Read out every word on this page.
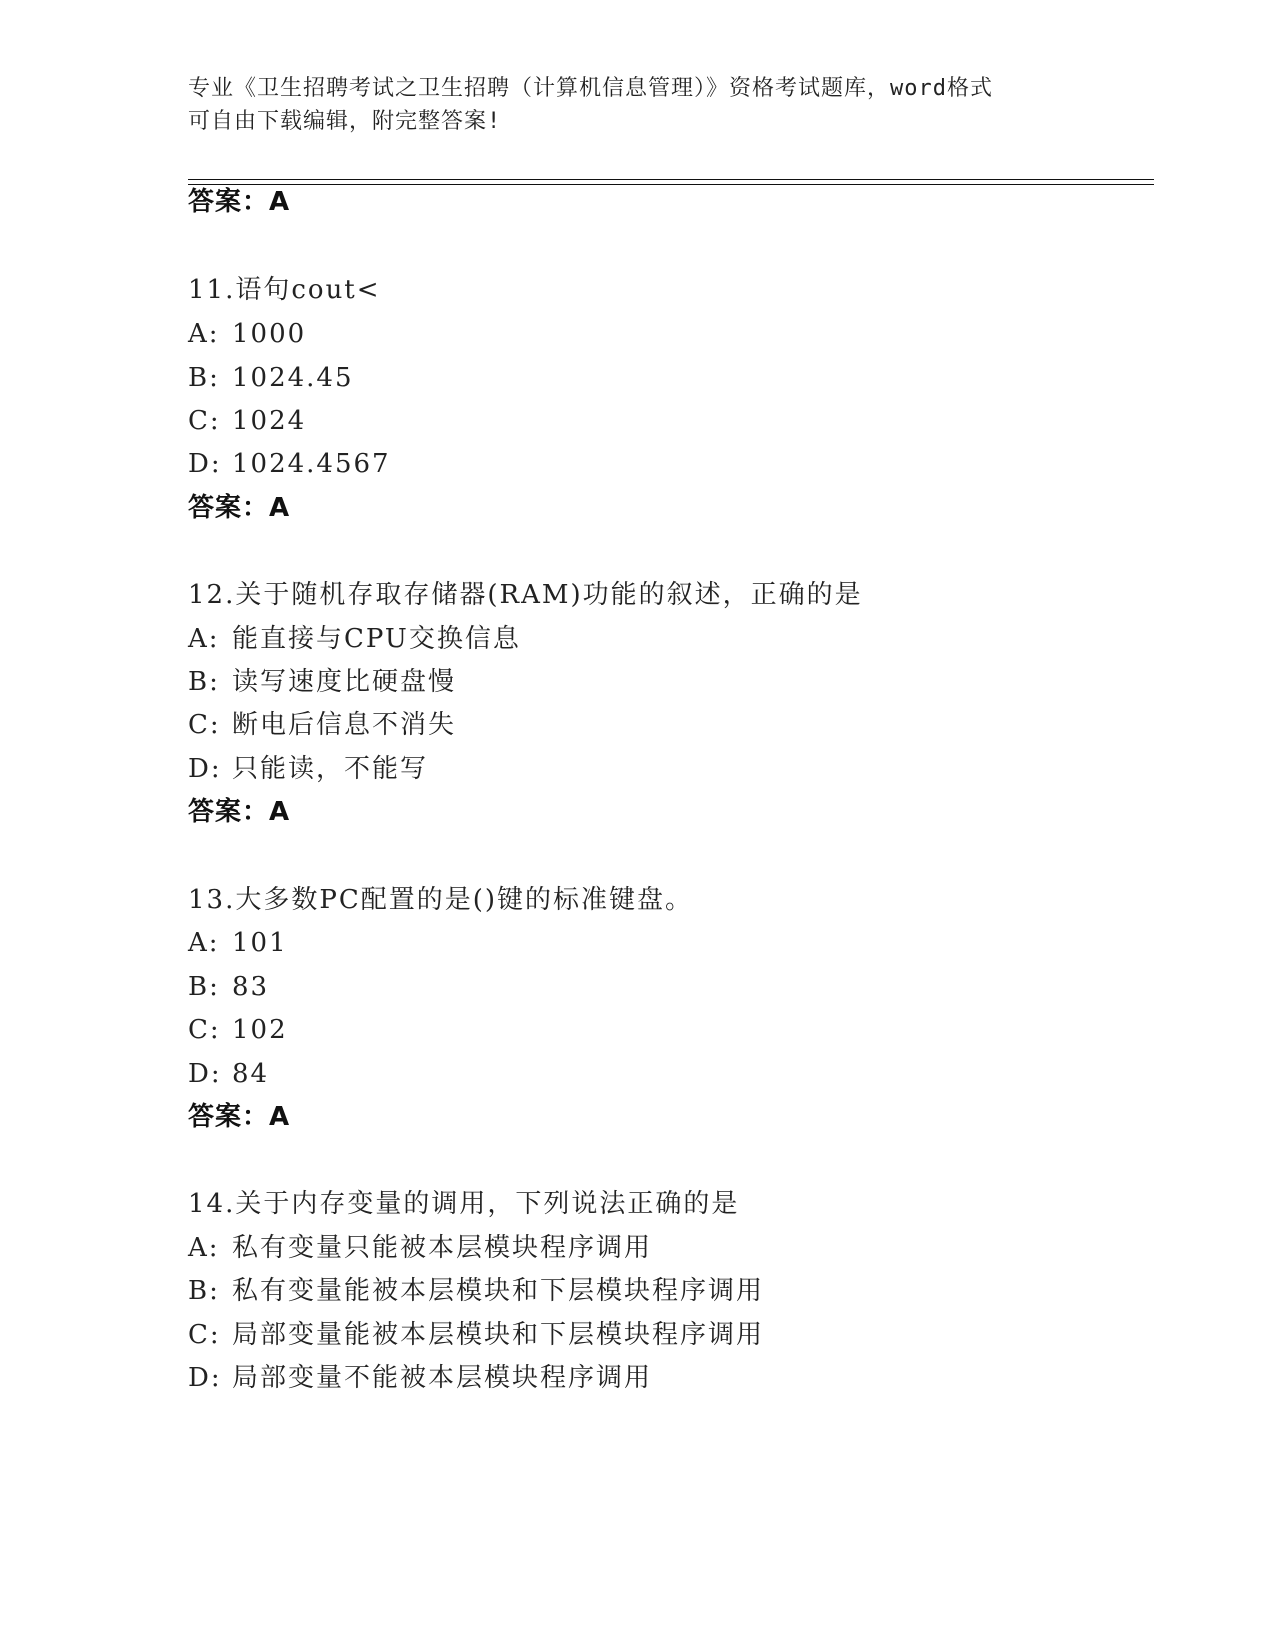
专业《卫生招聘考试之卫生招聘（计算机信息管理）》资格考试题库，word格式
可自由下载编辑，附完整答案!
答案：A
11.语句cout<
A: 1000
B: 1024.45
C: 1024
D: 1024.4567
答案：A
12.关于随机存取存储器(RAM)功能的叙述，正确的是
A: 能直接与CPU交换信息
B: 读写速度比硬盘慢
C: 断电后信息不消失
D: 只能读，不能写
答案：A
13.大多数PC配置的是()键的标准键盘。
A: 101
B: 83
C: 102
D: 84
答案：A
14.关于内存变量的调用，下列说法正确的是
A: 私有变量只能被本层模块程序调用
B: 私有变量能被本层模块和下层模块程序调用
C: 局部变量能被本层模块和下层模块程序调用
D: 局部变量不能被本层模块程序调用
